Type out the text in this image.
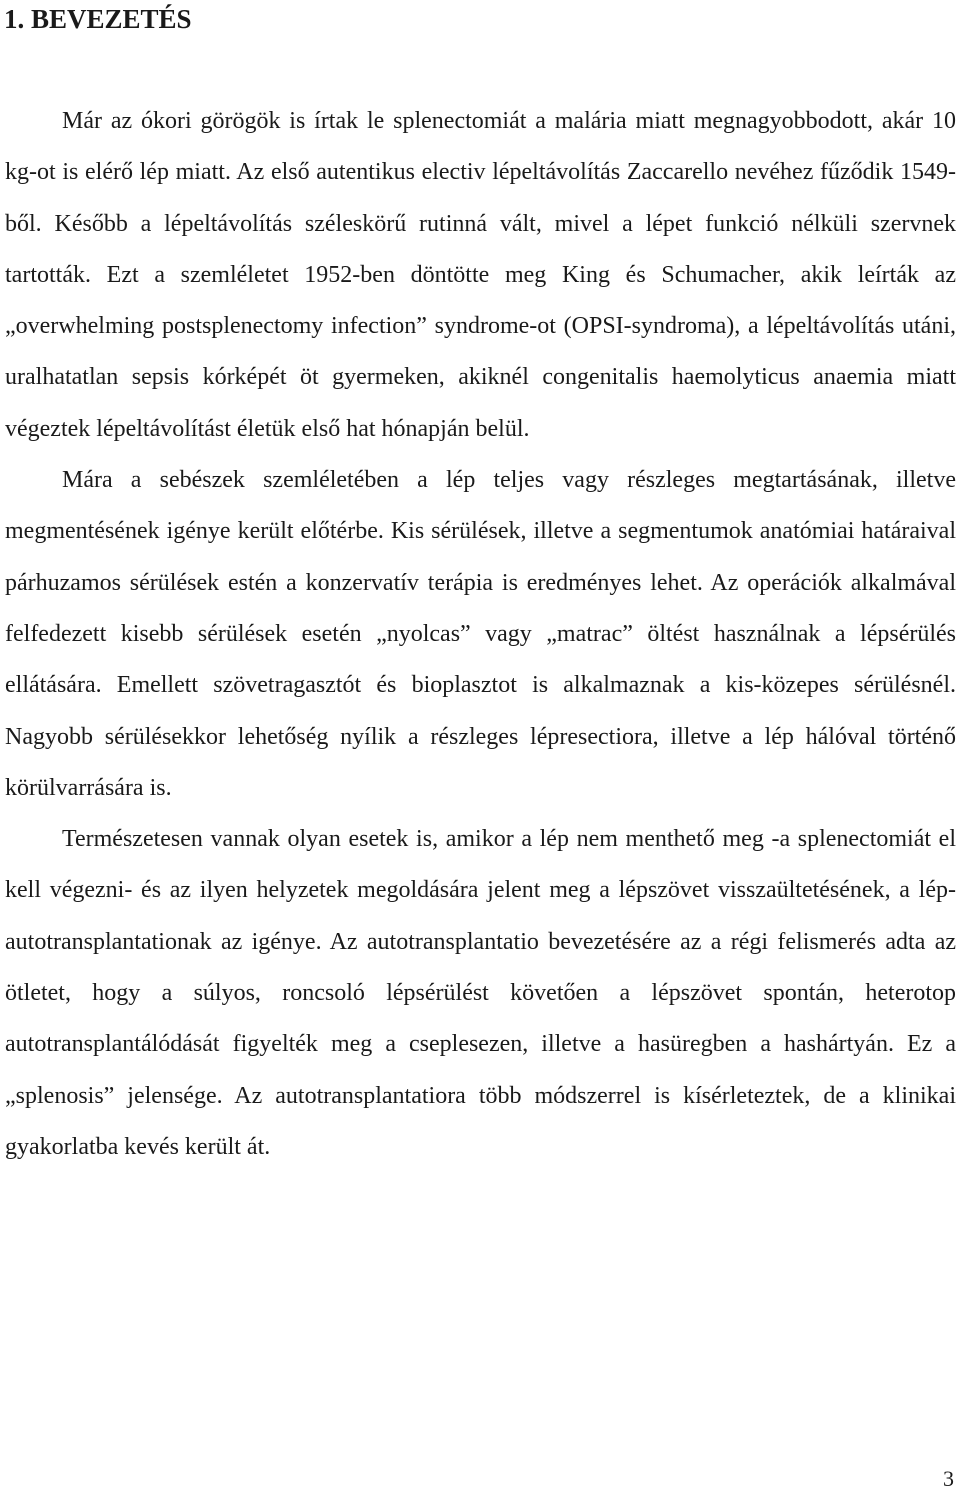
1. BEVEZETÉS

Már az ókori görögök is írtak le splenectomiát a malária miatt megnagyobbodott, akár 10 kg-ot is elérő lép miatt. Az első autentikus electiv lépeltávolítás Zaccarello nevéhez fűződik 1549-ből. Később a lépeltávolítás széleskörű rutinná vált, mivel a lépet funkció nélküli szervnek tartották. Ezt a szemléletet 1952-ben döntötte meg King és Schumacher, akik leírták az „overwhelming postsplenectomy infection” syndrome-ot (OPSI-syndroma), a lépeltávolítás utáni, uralhatatlan sepsis kórképét öt gyermeken, akiknél congenitalis haemolyticus anaemia miatt végeztek lépeltávolítást életük első hat hónapján belül.

Mára a sebészek szemléletében a lép teljes vagy részleges megtartásának, illetve megmentésének igénye került előtérbe. Kis sérülések, illetve a segmentumok anatómiai határaival párhuzamos sérülések estén a konzervatív terápia is eredményes lehet. Az operációk alkalmával felfedezett kisebb sérülések esetén „nyolcas” vagy „matrac” öltést használnak a lépsérülés ellátására. Emellett szövetragasztót és bioplasztot is alkalmaznak a kis-közepes sérülésnél. Nagyobb sérülésekkor lehetőség nyílik a részleges lépresectiora, illetve a lép hálóval történő körülvarrására is.

Természetesen vannak olyan esetek is, amikor a lép nem menthető meg -a splenectomiát el kell végezni- és az ilyen helyzetek megoldására jelent meg a lépszövet visszaültetésének, a lép-autotransplantationak az igénye. Az autotransplantatio bevezetésére az a régi felismerés adta az ötletet, hogy a súlyos, roncsoló lépsérülést követően a lépszövet spontán, heterotop autotransplantálódását figyelték meg a cseplesezen, illetve a hasüregben a hashártyán. Ez a „splenosis” jelensége. Az autotransplantatiora több módszerrel is kísérleteztek, de a klinikai gyakorlatba kevés került át.

3
